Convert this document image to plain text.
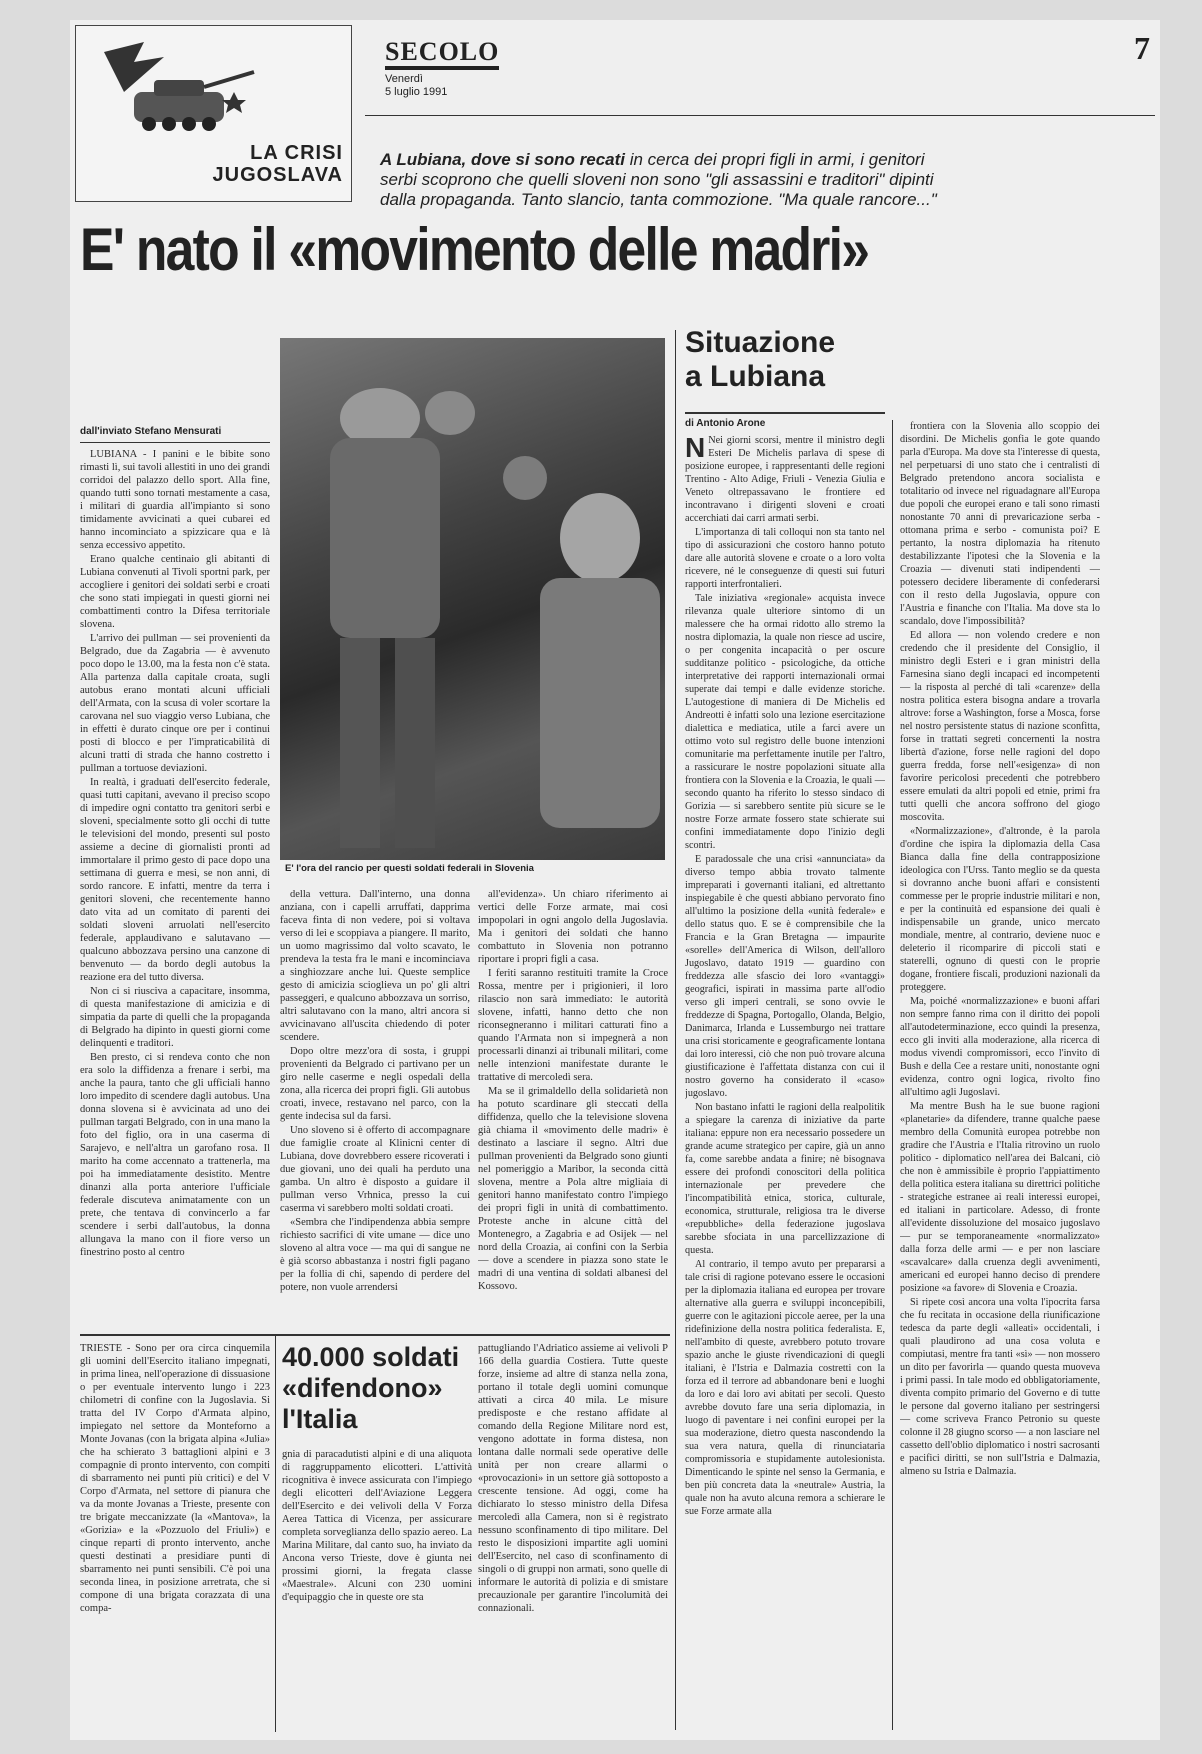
LA CRISI
JUGOSLAVA
SECOLO
Venerdì
5 luglio 1991
7
A Lubiana, dove si sono recati in cerca dei propri figli in armi, i genitori serbi scoprono che quelli sloveni non sono "gli assassini e traditori" dipinti dalla propaganda. Tanto slancio, tanta commozione. "Ma quale rancore..."
E' nato il «movimento delle madri»
E' l'ora del rancio per questi soldati federali in Slovenia
dall'inviato Stefano Mensurati

LUBIANA - I panini e le bibite sono rimasti lì, sui tavoli allestiti in uno dei grandi corridoi del palazzo dello sport. Alla fine, quando tutti sono tornati mestamente a casa, i militari di guardia all'impianto si sono timidamente avvicinati a quei cubarei ed hanno incominciato a spizzicare qua e là senza eccessivo appetito.

Erano qualche centinaio gli abitanti di Lubiana convenuti al Tivoli sportni park, per accogliere i genitori dei soldati serbi e croati che sono stati impiegati in questi giorni nei combattimenti contro la Difesa territoriale slovena.

L'arrivo dei pullman — sei provenienti da Belgrado, due da Zagabria — è avvenuto poco dopo le 13.00, ma la festa non c'è stata. Alla partenza dalla capitale croata, sugli autobus erano montati alcuni ufficiali dell'Armata, con la scusa di voler scortare la carovana nel suo viaggio verso Lubiana, che in effetti è durato cinque ore per i continui posti di blocco e per l'impraticabilità di alcuni tratti di strada che hanno costretto i pullman a tortuose deviazioni.

In realtà, i graduati dell'esercito federale, quasi tutti capitani, avevano il preciso scopo di impedire ogni contatto tra genitori serbi e sloveni, specialmente sotto gli occhi di tutte le televisioni del mondo, presenti sul posto assieme a decine di giornalisti pronti ad immortalare il primo gesto di pace dopo una settimana di guerra e mesi, se non anni, di sordo rancore. E infatti, mentre da terra i genitori sloveni, che recentemente hanno dato vita ad un comitato di parenti dei soldati sloveni arruolati nell'esercito federale, applaudivano e salutavano — qualcuno abbozzava persino una canzone di benvenuto — da bordo degli autobus la reazione era del tutto diversa.

Non ci si riusciva a capacitare, insomma, di questa manifestazione di amicizia e di simpatia da parte di quelli che la propaganda di Belgrado ha dipinto in questi giorni come delinquenti e traditori.

Ben presto, ci si rendeva conto che non era solo la diffidenza a frenare i serbi, ma anche la paura, tanto che gli ufficiali hanno loro impedito di scendere dagli autobus. Una donna slovena si è avvicinata ad uno dei pullman targati Belgrado, con in una mano la foto del figlio, ora in una caserma di Sarajevo, e nell'altra un garofano rosa. Il marito ha come accennato a trattenerla, ma poi ha immediatamente desistito. Mentre dinanzi alla porta anteriore l'ufficiale federale discuteva animatamente con un prete, che tentava di convincerlo a far scendere i serbi dall'autobus, la donna allungava la mano con il fiore verso un finestrino posto al centro

della vettura. Dall'interno, una donna anziana, con i capelli arruffati, dapprima faceva finta di non vedere, poi si voltava verso di lei e scoppiava a piangere. Il marito, un uomo magrissimo dal volto scavato, le prendeva la testa fra le mani e incominciava a singhiozzare anche lui. Queste semplice gesto di amicizia scioglieva un po' gli altri passeggeri, e qualcuno abbozzava un sorriso, altri salutavano con la mano, altri ancora si avvicinavano all'uscita chiedendo di poter scendere.

Dopo oltre mezz'ora di sosta, i gruppi provenienti da Belgrado ci partivano per un giro nelle caserme e negli ospedali della zona, alla ricerca dei propri figli. Gli autobus croati, invece, restavano nel parco, con la gente indecisa sul da farsi.

Uno sloveno si è offerto di accompagnare due famiglie croate al Klinicni center di Lubiana, dove dovrebbero essere ricoverati i due giovani, uno dei quali ha perduto una gamba. Un altro è disposto a guidare il pullman verso Vrhnica, presso la cui caserma vi sarebbero molti soldati croati.

«Sembra che l'indipendenza abbia sempre richiesto sacrifici di vite umane — dice uno sloveno al altra voce — ma qui di sangue ne è già scorso abbastanza i nostri figli pagano per la follia di chi, sapendo di perdere del potere, non vuole arrendersi

all'evidenza». Un chiaro riferimento ai vertici delle Forze armate, mai così impopolari in ogni angolo della Jugoslavia. Ma i genitori dei soldati che hanno combattuto in Slovenia non potranno riportare i propri figli a casa.

I feriti saranno restituiti tramite la Croce Rossa, mentre per i prigionieri, il loro rilascio non sarà immediato: le autorità slovene, infatti, hanno detto che non riconsegneranno i militari catturati fino a quando l'Armata non si impegnerà a non processarli dinanzi ai tribunali militari, come nelle intenzioni manifestate durante le trattative di mercoledì sera.

Ma se il grimaldello della solidarietà non ha potuto scardinare gli steccati della diffidenza, quello che la televisione slovena già chiama il «movimento delle madri» è destinato a lasciare il segno. Altri due pullman provenienti da Belgrado sono giunti nel pomeriggio a Maribor, la seconda città slovena, mentre a Pola altre migliaia di genitori hanno manifestato contro l'impiego dei propri figli in unità di combattimento. Proteste anche in alcune città del Montenegro, a Zagabria e ad Osijek — nel nord della Croazia, ai confini con la Serbia — dove a scendere in piazza sono state le madri di una ventina di soldati albanesi del Kossovo.

Situazione
a Lubiana
di Antonio Arone

N Nei giorni scorsi, mentre il ministro degli Esteri De Michelis parlava di spese di posizione europee, i rappresentanti delle regioni Trentino - Alto Adige, Friuli - Venezia Giulia e Veneto oltrepassavano le frontiere ed incontravano i dirigenti sloveni e croati accerchiati dai carri armati serbi.

L'importanza di tali colloqui non sta tanto nel tipo di assicurazioni che costoro hanno potuto dare alle autorità slovene e croate o a loro volta ricevere, né le conseguenze di questi sui futuri rapporti interfrontalieri.

Tale iniziativa «regionale» acquista invece rilevanza quale ulteriore sintomo di un malessere che ha ormai ridotto allo stremo la nostra diplomazia, la quale non riesce ad uscire, o per congenita incapacità o per oscure sudditanze politico - psicologiche, da ottiche interpretative dei rapporti internazionali ormai superate dai tempi e dalle evidenze storiche. L'autogestione di maniera di De Michelis ed Andreotti è infatti solo una lezione esercitazione dialettica e mediatica, utile a farci avere un ottimo voto sul registro delle buone intenzioni comunitarie ma perfettamente inutile per l'altro, a rassicurare le nostre popolazioni situate alla frontiera con la Slovenia e la Croazia, le quali — secondo quanto ha riferito lo stesso sindaco di Gorizia — si sarebbero sentite più sicure se le nostre Forze armate fossero state schierate sui confini immediatamente dopo l'inizio degli scontri.

E paradossale che una crisi «annunciata» da diverso tempo abbia trovato talmente impreparati i governanti italiani, ed altrettanto inspiegabile è che questi abbiano pervorato fino all'ultimo la posizione della «unità federale» e dello status quo. E se è comprensibile che la Francia e la Gran Bretagna — impaurite «sorelle» dell'America di Wilson, dell'alloro Jugoslavo, datato 1919 — guardino con freddezza alle sfascio dei loro «vantaggi» geografici, ispirati in massima parte all'odio verso gli imperi centrali, se sono ovvie le freddezze di Spagna, Portogallo, Olanda, Belgio, Danimarca, Irlanda e Lussemburgo nei trattare una crisi storicamente e geograficamente lontana dai loro interessi, ciò che non può trovare alcuna giustificazione è l'affettata distanza con cui il nostro governo ha considerato il «caso» jugoslavo.

Non bastano infatti le ragioni della realpolitik a spiegare la carenza di iniziative da parte italiana: eppure non era necessario possedere un grande acume strategico per capire, già un anno fa, come sarebbe andata a finire; nè bisognava essere dei profondi conoscitori della politica internazionale per prevedere che l'incompatibilità etnica, storica, culturale, economica, strutturale, religiosa tra le diverse «repubbliche» della federazione jugoslava sarebbe sfociata in una parcellizzazione di questa.

Al contrario, il tempo avuto per prepararsi a tale crisi di ragione potevano essere le occasioni per la diplomazia italiana ed europea per trovare alternative alla guerra e sviluppi inconcepibili, guerre con le agitazioni piccole aeree, per la una ridefinizione della nostra politica federalista. E, nell'ambito di queste, avrebbero potuto trovare spazio anche le giuste rivendicazioni di quegli italiani, è l'Istria e Dalmazia costretti con la forza ed il terrore ad abbandonare beni e luoghi da loro e dai loro avi abitati per secoli. Questo avrebbe dovuto fare una seria diplomazia, in luogo di paventare i nei confini europei per la sua moderazione, dietro questa nascondendo la sua vera natura, quella di rinunciataria compromissoria e stupidamente autolesionista. Dimenticando le spinte nel senso la Germania, e ben più concreta data la «neutrale» Austria, la quale non ha avuto alcuna remora a schierare le sue Forze armate alla

frontiera con la Slovenia allo scoppio dei disordini. De Michelis gonfia le gote quando parla d'Europa. Ma dove sta l'interesse di questa, nel perpetuarsi di uno stato che i centralisti di Belgrado pretendono ancora socialista e totalitario od invece nel riguadagnare all'Europa due popoli che europei erano e tali sono rimasti nonostante 70 anni di prevaricazione serba - ottomana prima e serbo - comunista poi? E pertanto, la nostra diplomazia ha ritenuto destabilizzante l'ipotesi che la Slovenia e la Croazia — divenuti stati indipendenti — potessero decidere liberamente di confederarsi con il resto della Jugoslavia, oppure con l'Austria e finanche con l'Italia. Ma dove sta lo scandalo, dove l'impossibilità?

Ed allora — non volendo credere e non credendo che il presidente del Consiglio, il ministro degli Esteri e i gran ministri della Farnesina siano degli incapaci ed incompetenti — la risposta al perché di tali «carenze» della nostra politica estera bisogna andare a trovarla altrove: forse a Washington, forse a Mosca, forse nel nostro persistente status di nazione sconfitta, forse in trattati segreti concernenti la nostra libertà d'azione, forse nelle ragioni del dopo guerra fredda, forse nell'«esigenza» di non favorire pericolosi precedenti che potrebbero essere emulati da altri popoli ed etnie, primi fra tutti quelli che ancora soffrono del giogo moscovita.

«Normalizzazione», d'altronde, è la parola d'ordine che ispira la diplomazia della Casa Bianca dalla fine della contrapposizione ideologica con l'Urss. Tanto meglio se da questa si dovranno anche buoni affari e consistenti commesse per le proprie industrie militari e non, e per la continuità ed espansione dei quali è indispensabile un grande, unico mercato mondiale, mentre, al contrario, deviene nuoc e deleterio il ricomparire di piccoli stati e staterelli, ognuno di questi con le proprie dogane, frontiere fiscali, produzioni nazionali da proteggere.

Ma, poiché «normalizzazione» e buoni affari non sempre fanno rima con il diritto dei popoli all'autodeterminazione, ecco quindi la presenza, ecco gli inviti alla moderazione, alla ricerca di modus vivendi compromissori, ecco l'invito di Bush e della Cee a restare uniti, nonostante ogni evidenza, contro ogni logica, rivolto fino all'ultimo agli Jugoslavi.

Ma mentre Bush ha le sue buone ragioni «planetarie» da difendere, tranne qualche paese membro della Comunità europea potrebbe non gradire che l'Austria e l'Italia ritrovino un ruolo politico - diplomatico nell'area dei Balcani, ciò che non è ammissibile è proprio l'appiattimento della politica estera italiana su direttrici politiche - strategiche estranee ai reali interessi europei, ed italiani in particolare. Adesso, di fronte all'evidente dissoluzione del mosaico jugoslavo — pur se temporaneamente «normalizzato» dalla forza delle armi — e per non lasciare «scavalcare» dalla cruenza degli avvenimenti, americani ed europei hanno deciso di prendere posizione «a favore» di Slovenia e Croazia.

Si ripete così ancora una volta l'ipocrita farsa che fu recitata in occasione della riunificazione tedesca da parte degli «alleati» occidentali, i quali plaudirono ad una cosa voluta e compiutasi, mentre fra tanti «sì» — non mossero un dito per favorirla — quando questa muoveva i primi passi. In tale modo ed obbligatoriamente, diventa compito primario del Governo e di tutte le persone dal governo italiano per sestringersi — come scriveva Franco Petronio su queste colonne il 28 giugno scorso — a non lasciare nel cassetto dell'oblio diplomatico i nostri sacrosanti e pacifici diritti, se non sull'Istria e Dalmazia, almeno su Istria e Dalmazia.

TRIESTE - Sono per ora circa cinquemila gli uomini dell'Esercito italiano impegnati, in prima linea, nell'operazione di dissuasione o per eventuale intervento lungo i 223 chilometri di confine con la Jugoslavia. Si tratta del IV Corpo d'Armata alpino, impiegato nel settore da Monteforno a Monte Jovanas (con la brigata alpina «Julia» che ha schierato 3 battaglioni alpini e 3 compagnie di pronto intervento, con compiti di sbarramento nei punti più critici) e del V Corpo d'Armata, nel settore di pianura che va da monte Jovanas a Trieste, presente con tre brigate meccanizzate (la «Mantova», la «Gorizia» e la «Pozzuolo del Friuli») e cinque reparti di pronto intervento, anche questi destinati a presidiare punti di sbarramento nei punti sensibili. C'è poi una seconda linea, in posizione arretrata, che si compone di una brigata corazzata di una compa-

40.000 soldati
«difendono»
l'Italia

gnia di paracadutisti alpini e di una aliquota di raggruppamento elicotteri. L'attività ricognitiva è invece assicurata con l'impiego degli elicotteri dell'Aviazione Leggera dell'Esercito e dei velivoli della V Forza Aerea Tattica di Vicenza, per assicurare completa sorveglianza dello spazio aereo. La Marina Militare, dal canto suo, ha inviato da Ancona verso Trieste, dove è giunta nei prossimi giorni, la fregata classe «Maestrale». Alcuni con 230 uomini d'equipaggio che in queste ore sta

pattugliando l'Adriatico assieme ai velivoli P 166 della guardia Costiera. Tutte queste forze, insieme ad altre di stanza nella zona, portano il totale degli uomini comunque attivati a circa 40 mila. Le misure predisposte e che restano affidate al comando della Regione Militare nord est, vengono adottate in forma distesa, non lontana dalle normali sede operative delle unità per non creare allarmi o «provocazioni» in un settore già sottoposto a crescente tensione. Ad oggi, come ha dichiarato lo stesso ministro della Difesa mercoledì alla Camera, non si è registrato nessuno sconfinamento di tipo militare. Del resto le disposizioni impartite agli uomini dell'Esercito, nel caso di sconfinamento di singoli o di gruppi non armati, sono quelle di informare le autorità di polizia e di smistare precauzionale per garantire l'incolumità dei connazionali.
